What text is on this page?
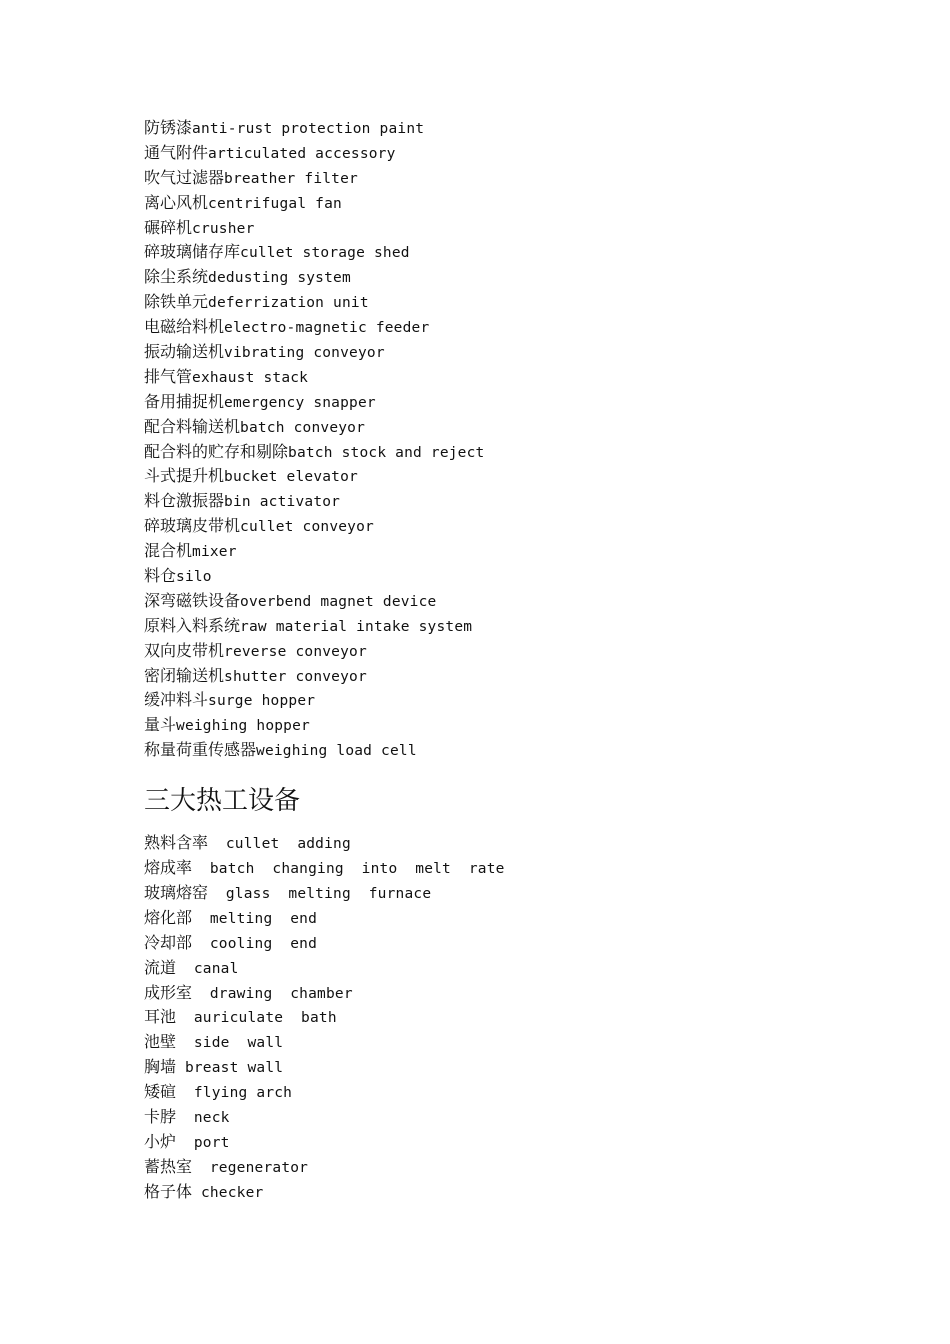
防锈漆anti-rust protection paint
通气附件articulated accessory
吹气过滤器breather filter
离心风机centrifugal fan
碾碎机crusher
碎玻璃储存库cullet storage shed
除尘系统dedusting system
除铁单元deferrization unit
电磁给料机electro-magnetic feeder
振动输送机vibrating conveyor
排气管exhaust stack
备用捕捉机emergency snapper
配合料输送机batch conveyor
配合料的贮存和剔除batch stock and reject
斗式提升机bucket elevator
料仓激振器bin activator
碎玻璃皮带机cullet conveyor
混合机mixer
料仓silo
深弯磁铁设备overbend magnet device
原料入料系统raw material intake system
双向皮带机reverse conveyor
密闭输送机shutter conveyor
缓冲料斗surge hopper
量斗weighing hopper
称量荷重传感器weighing load cell
三大热工设备
熟料含率  cullet  adding
熔成率  batch  changing  into  melt  rate
玻璃熔窑  glass  melting  furnace
熔化部  melting  end
冷却部  cooling  end
流道  canal
成形室  drawing  chamber
耳池  auriculate  bath
池壁  side  wall
胸墙 breast wall
矮碹  flying arch
卡脖  neck
小炉  port
蓄热室  regenerator
格子体 checker
